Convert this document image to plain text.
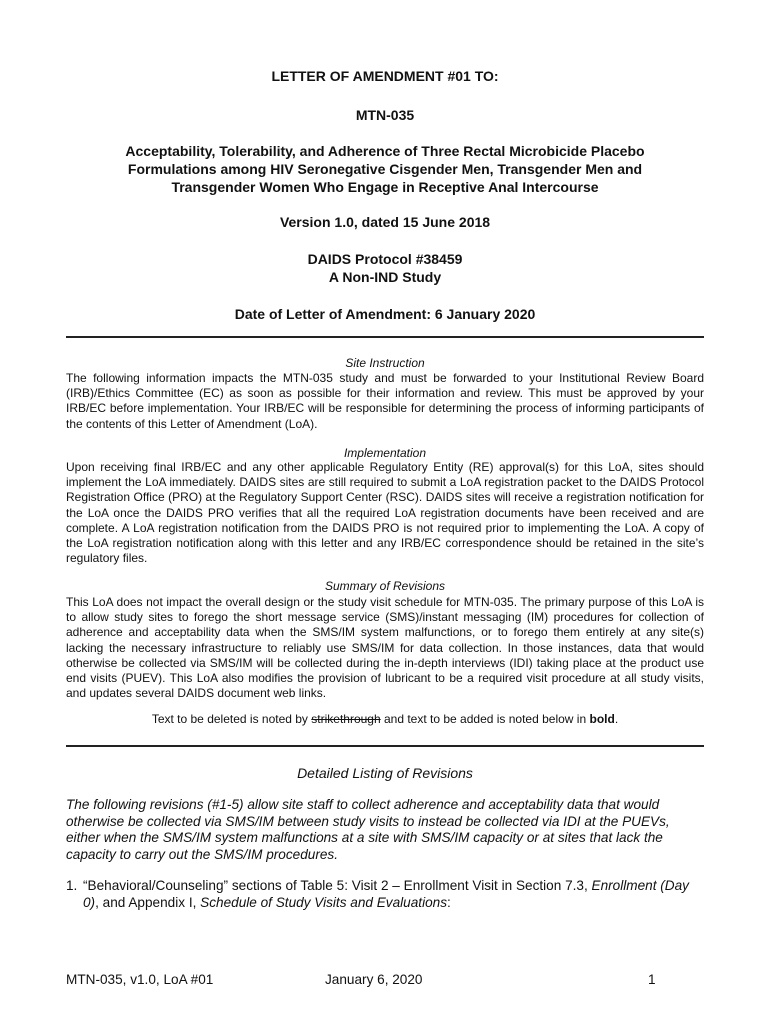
LETTER OF AMENDMENT #01 TO:
MTN-035
Acceptability, Tolerability, and Adherence of Three Rectal Microbicide Placebo
Formulations among HIV Seronegative Cisgender Men, Transgender Men and
Transgender Women Who Engage in Receptive Anal Intercourse
Version 1.0, dated 15 June 2018
DAIDS Protocol #38459
A Non-IND Study
Date of Letter of Amendment: 6 January 2020
Site Instruction
The following information impacts the MTN-035 study and must be forwarded to your Institutional Review Board (IRB)/Ethics Committee (EC) as soon as possible for their information and review. This must be approved by your IRB/EC before implementation. Your IRB/EC will be responsible for determining the process of informing participants of the contents of this Letter of Amendment (LoA).
Implementation
Upon receiving final IRB/EC and any other applicable Regulatory Entity (RE) approval(s) for this LoA, sites should implement the LoA immediately. DAIDS sites are still required to submit a LoA registration packet to the DAIDS Protocol Registration Office (PRO) at the Regulatory Support Center (RSC). DAIDS sites will receive a registration notification for the LoA once the DAIDS PRO verifies that all the required LoA registration documents have been received and are complete. A LoA registration notification from the DAIDS PRO is not required prior to implementing the LoA. A copy of the LoA registration notification along with this letter and any IRB/EC correspondence should be retained in the site’s regulatory files.
Summary of Revisions
This LoA does not impact the overall design or the study visit schedule for MTN-035. The primary purpose of this LoA is to allow study sites to forego the short message service (SMS)/instant messaging (IM) procedures for collection of adherence and acceptability data when the SMS/IM system malfunctions, or to forego them entirely at any site(s) lacking the necessary infrastructure to reliably use SMS/IM for data collection. In those instances, data that would otherwise be collected via SMS/IM will be collected during the in-depth interviews (IDI) taking place at the product use end visits (PUEV). This LoA also modifies the provision of lubricant to be a required visit procedure at all study visits, and updates several DAIDS document web links.
Text to be deleted is noted by strikethrough and text to be added is noted below in bold.
Detailed Listing of Revisions
The following revisions (#1-5) allow site staff to collect adherence and acceptability data that would otherwise be collected via SMS/IM between study visits to instead be collected via IDI at the PUEVs, either when the SMS/IM system malfunctions at a site with SMS/IM capacity or at sites that lack the capacity to carry out the SMS/IM procedures.
1. “Behavioral/Counseling” sections of Table 5: Visit 2 – Enrollment Visit in Section 7.3, Enrollment (Day 0), and Appendix I, Schedule of Study Visits and Evaluations:
MTN-035, v1.0, LoA #01	January 6, 2020	1
